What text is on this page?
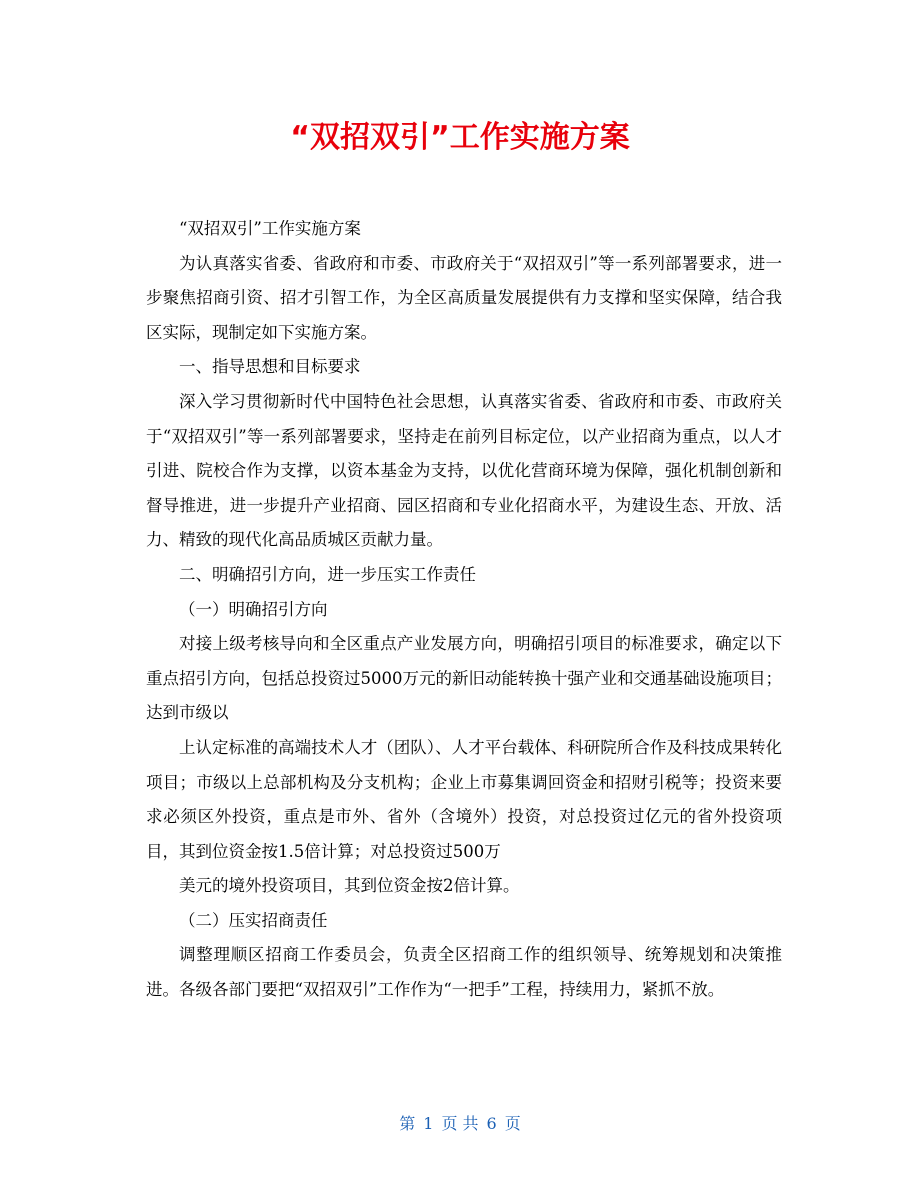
“双招双引”工作实施方案

“双招双引”工作实施方案

为认真落实省委、省政府和市委、市政府关于“双招双引”等一系列部署要求，进一步聚焦招商引资、招才引智工作，为全区高质量发展提供有力支撑和坚实保障，结合我区实际，现制定如下实施方案。

一、指导思想和目标要求

深入学习贯彻新时代中国特色社会思想，认真落实省委、省政府和市委、市政府关于“双招双引”等一系列部署要求，坚持走在前列目标定位，以产业招商为重点，以人才引进、院校合作为支撑，以资本基金为支持，以优化营商环境为保障，强化机制创新和督导推进，进一步提升产业招商、园区招商和专业化招商水平，为建设生态、开放、活力、精致的现代化高品质城区贡献力量。

二、明确招引方向，进一步压实工作责任

（一）明确招引方向

对接上级考核导向和全区重点产业发展方向，明确招引项目的标准要求，确定以下重点招引方向，包括总投资过5000万元的新旧动能转换十强产业和交通基础设施项目；达到市级以

上认定标准的高端技术人才（团队）、人才平台载体、科研院所合作及科技成果转化项目；市级以上总部机构及分支机构；企业上市募集调回资金和招财引税等；投资来要求必须区外投资，重点是市外、省外（含境外）投资，对总投资过亿元的省外投资项目，其到位资金按1.5倍计算；对总投资过500万

美元的境外投资项目，其到位资金按2倍计算。

（二）压实招商责任

调整理顺区招商工作委员会，负责全区招商工作的组织领导、统筹规划和决策推进。各级各部门要把“双招双引”工作作为“一把手”工程，持续用力，紧抓不放。

第 1 页 共 6 页
